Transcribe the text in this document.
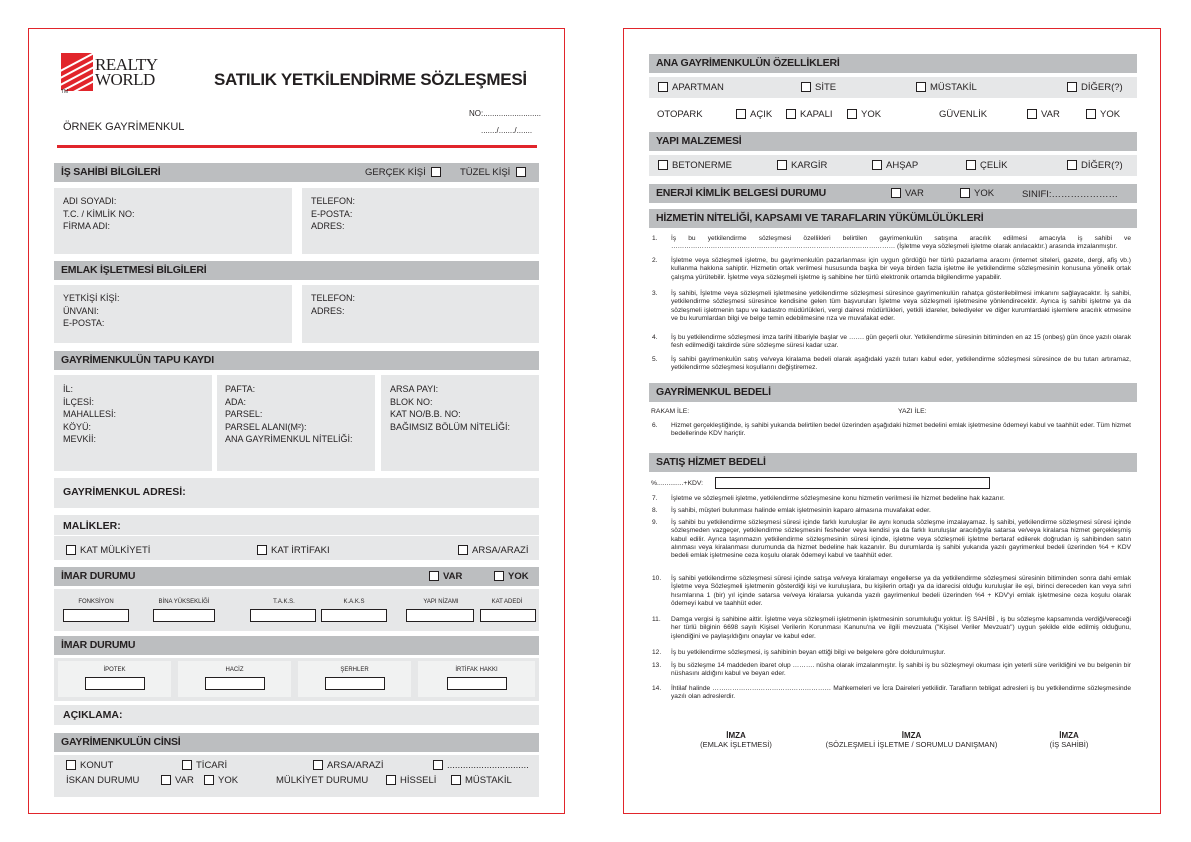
REALTY
WORLD
TM
SATILIK YETKİLENDİRME SÖZLEŞMESİ
ÖRNEK GAYRİMENKUL
NO:..........................
......./......./.......
İŞ SAHİBİ BİLGİLERİ	GERÇEK KİŞİ	TÜZEL KİŞİ
ADI SOYADI:
T.C. / KİMLİK NO:
FİRMA ADI:
TELEFON:
E-POSTA:
ADRES:
EMLAK İŞLETMESİ BİLGİLERİ
YETKİŞİ KİŞİ:
ÜNVANI:
E-POSTA:
TELEFON:
ADRES:
GAYRİMENKULÜN TAPU KAYDI
İL:
İLÇESİ:
MAHALLESİ:
KÖYÜ:
MEVKİİ:
PAFTA:
ADA:
PARSEL:
PARSEL ALANI(M²):
ANA GAYRİMENKUL NİTELİĞİ:
ARSA PAYI:
BLOK NO:
KAT NO/B.B. NO:
BAĞIMSIZ BÖLÜM NİTELİĞİ:
GAYRİMENKUL ADRESİ:
MALİKLER:
KAT MÜLKİYETİ	KAT İRTİFAKI	ARSA/ARAZİ
İMAR DURUMU	VAR	YOK
FONKSİYON	BİNA YÜKSEKLİĞİ	T.A.K.S.	K.A.K.S	YAPI NİZAMI	KAT ADEDİ
İMAR DURUMU
İPOTEK	HACİZ	ŞERHLER	İRTİFAK HAKKI
AÇIKLAMA:
GAYRİMENKULÜN CİNSİ
KONUT	TİCARİ	ARSA/ARAZİ	...............................
İSKAN DURUMU	VAR	YOK	MÜLKİYET DURUMU	HİSSELİ	MÜSTAKİL
ANA GAYRİMENKULÜN ÖZELLİKLERİ
APARTMAN	SİTE	MÜSTAKİL	DİĞER(?)
OTOPARK	AÇIK	KAPALI	YOK	GÜVENLİK	VAR	YOK
YAPI MALZEMESİ
BETONERME	KARGİR	AHŞAP	ÇELİK	DİĞER(?)
ENERJİ KİMLİK BELGESİ DURUMU	VAR	YOK	SINIFI:…………………
HİZMETİN NİTELİĞİ, KAPSAMI VE TARAFLARIN YÜKÜMLÜLÜKLERİ
1. İş bu yetkilendirme sözleşmesi özellikleri belirtilen gayrimenkulün satışına aracılık edilmesi amacıyla iş sahibi ve ………………………………………………………………………………………… (İşletme veya sözleşmeli işletme olarak anılacaktır.) arasında imzalanmıştır.
2. İşletme veya sözleşmeli işletme, bu gayrimenkulün pazarlanması için uygun gördüğü her türlü pazarlama aracını (internet siteleri, gazete, dergi, afiş vb.) kullanma hakkına sahiptir. Hizmetin ortak verilmesi hususunda başka bir veya birden fazla işletme ile yetkilendirme sözleşmesinin konusuna yönelik ortak çalışma yürütebilir. İşletme veya sözleşmeli işletme iş sahibine her türlü elektronik ortamda bilgilendirme yapabilir.
3. İş sahibi, İşletme veya sözleşmeli işletmesine yetkilendirme sözleşmesi süresince gayrimenkulün rahatça gösterilebilmesi imkanını sağlayacaktır. İş sahibi, yetkilendirme sözleşmesi süresince kendisine gelen tüm başvuruları İşletme veya sözleşmeli işletmesine yönlendirecektir. Ayrıca iş sahibi işletme ya da sözleşmeli işletmenin tapu ve kadastro müdürlükleri, vergi dairesi müdürlükleri, yetkili idareler, belediyeler ve diğer kurumlardaki işlemlere aracılık etmesine ve bu kurumlardan bilgi ve belge temin edebilmesine rıza ve muvafakat eder.
4. İş bu yetkilendirme sözleşmesi imza tarihi itibariyle başlar ve ……. gün geçerli olur. Yetkilendirme süresinin bitiminden en az 15 (onbeş) gün önce yazılı olarak fesh edilmediği takdirde süre sözleşme süresi kadar uzar.
5. İş sahibi gayrimenkulün satış ve/veya kiralama bedeli olarak aşağıdaki yazılı tutarı kabul eder, yetkilendirme sözleşmesi süresince de bu tutarı artıramaz, yetkilendirme sözleşmesi koşullarını değiştiremez.
GAYRİMENKUL BEDELİ
RAKAM İLE:	YAZI İLE:
6. Hizmet gerçekleştiğinde, iş sahibi yukarıda belirtilen bedel üzerinden aşağıdaki hizmet bedelini emlak işletmesine ödemeyi kabul ve taahhüt eder. Tüm hizmet bedellerinde KDV hariçtir.
SATIŞ HİZMET BEDELİ
%..............+KDV:
7. İşletme ve sözleşmeli işletme, yetkilendirme sözleşmesine konu hizmetin verilmesi ile hizmet bedeline hak kazanır.
8. İş sahibi, müşteri bulunması halinde emlak işletmesinin kaparo almasına muvafakat eder.
9. İş sahibi bu yetkilendirme sözleşmesi süresi içinde farklı kuruluşlar ile aynı konuda sözleşme imzalayamaz. İş sahibi, yetkilendirme sözleşmesi süresi içinde sözleşmeden vazgeçer, yetkilendirme sözleşmesini fesheder veya kendisi ya da farklı kuruluşlar aracılığıyla satarsa ve/veya kiralarsa hizmet gerçekleşmiş kabul edilir. Ayrıca taşınmazın yetkilendirme sözleşmesinin süresi içinde, işletme veya sözleşmeli işletme bertaraf edilerek doğrudan iş sahibinden satın alınması veya kiralanması durumunda da hizmet bedeline hak kazanılır. Bu durumlarda iş sahibi yukarıda yazılı gayrimenkul bedeli üzerinden %4 + KDV bedeli emlak işletmesine ceza koşulu olarak ödemeyi kabul ve taahhüt eder.
10. İş sahibi yetkilendirme sözleşmesi süresi içinde satışa ve/veya kiralamayı engellerse ya da yetkilendirme sözleşmesi süresinin bitiminden sonra dahi emlak İşletme veya Sözleşmeli işletmenin gösterdiği kişi ve kuruluşlara, bu kişilerin ortağı ya da idarecisi olduğu kuruluşlar ile eşi, birinci dereceden kan veya sıhri hısımlarına 1 (bir) yıl içinde satarsa ve/veya kiralarsa yukarıda yazılı gayrimenkul bedeli üzerinden %4 + KDV'yi emlak işletmesine ceza koşulu olarak ödemeyi kabul ve taahhüt eder.
11. Damga vergisi iş sahibine aittir. İşletme veya sözleşmeli işletmenin işletmesinin sorumluluğu yoktur. İŞ SAHİBİ , iş bu sözleşme kapsamında verdiği/vereceği her türlü bilginin 6698 sayılı Kişisel Verilerin Korunması Kanunu'na ve ilgili mevzuata ("Kişisel Veriler Mevzuatı") uygun şekilde elde edilmiş olduğunu, işlendiğini ve paylaşıldığını onaylar ve kabul eder.
12. İş bu yetkilendirme sözleşmesi, iş sahibinin beyan ettiği bilgi ve belgelere göre doldurulmuştur.
13. İş bu sözleşme 14 maddeden ibaret olup ………. nüsha olarak imzalanmıştır. İş sahibi iş bu sözleşmeyi okuması için yeterli süre verildiğini ve bu belgenin bir nüshasını aldığını kabul ve beyan eder.
14. İhtilaf halinde ……………………………………………… Mahkemeleri ve İcra Daireleri yetkilidir. Tarafların tebligat adresleri iş bu yetkilendirme sözleşmesinde yazılı olan adreslerdir.
İMZA
(EMLAK İŞLETMESİ)
İMZA
(SÖZLEŞMELİ İŞLETME / SORUMLU DANIŞMAN)
İMZA
(İŞ SAHİBİ)
